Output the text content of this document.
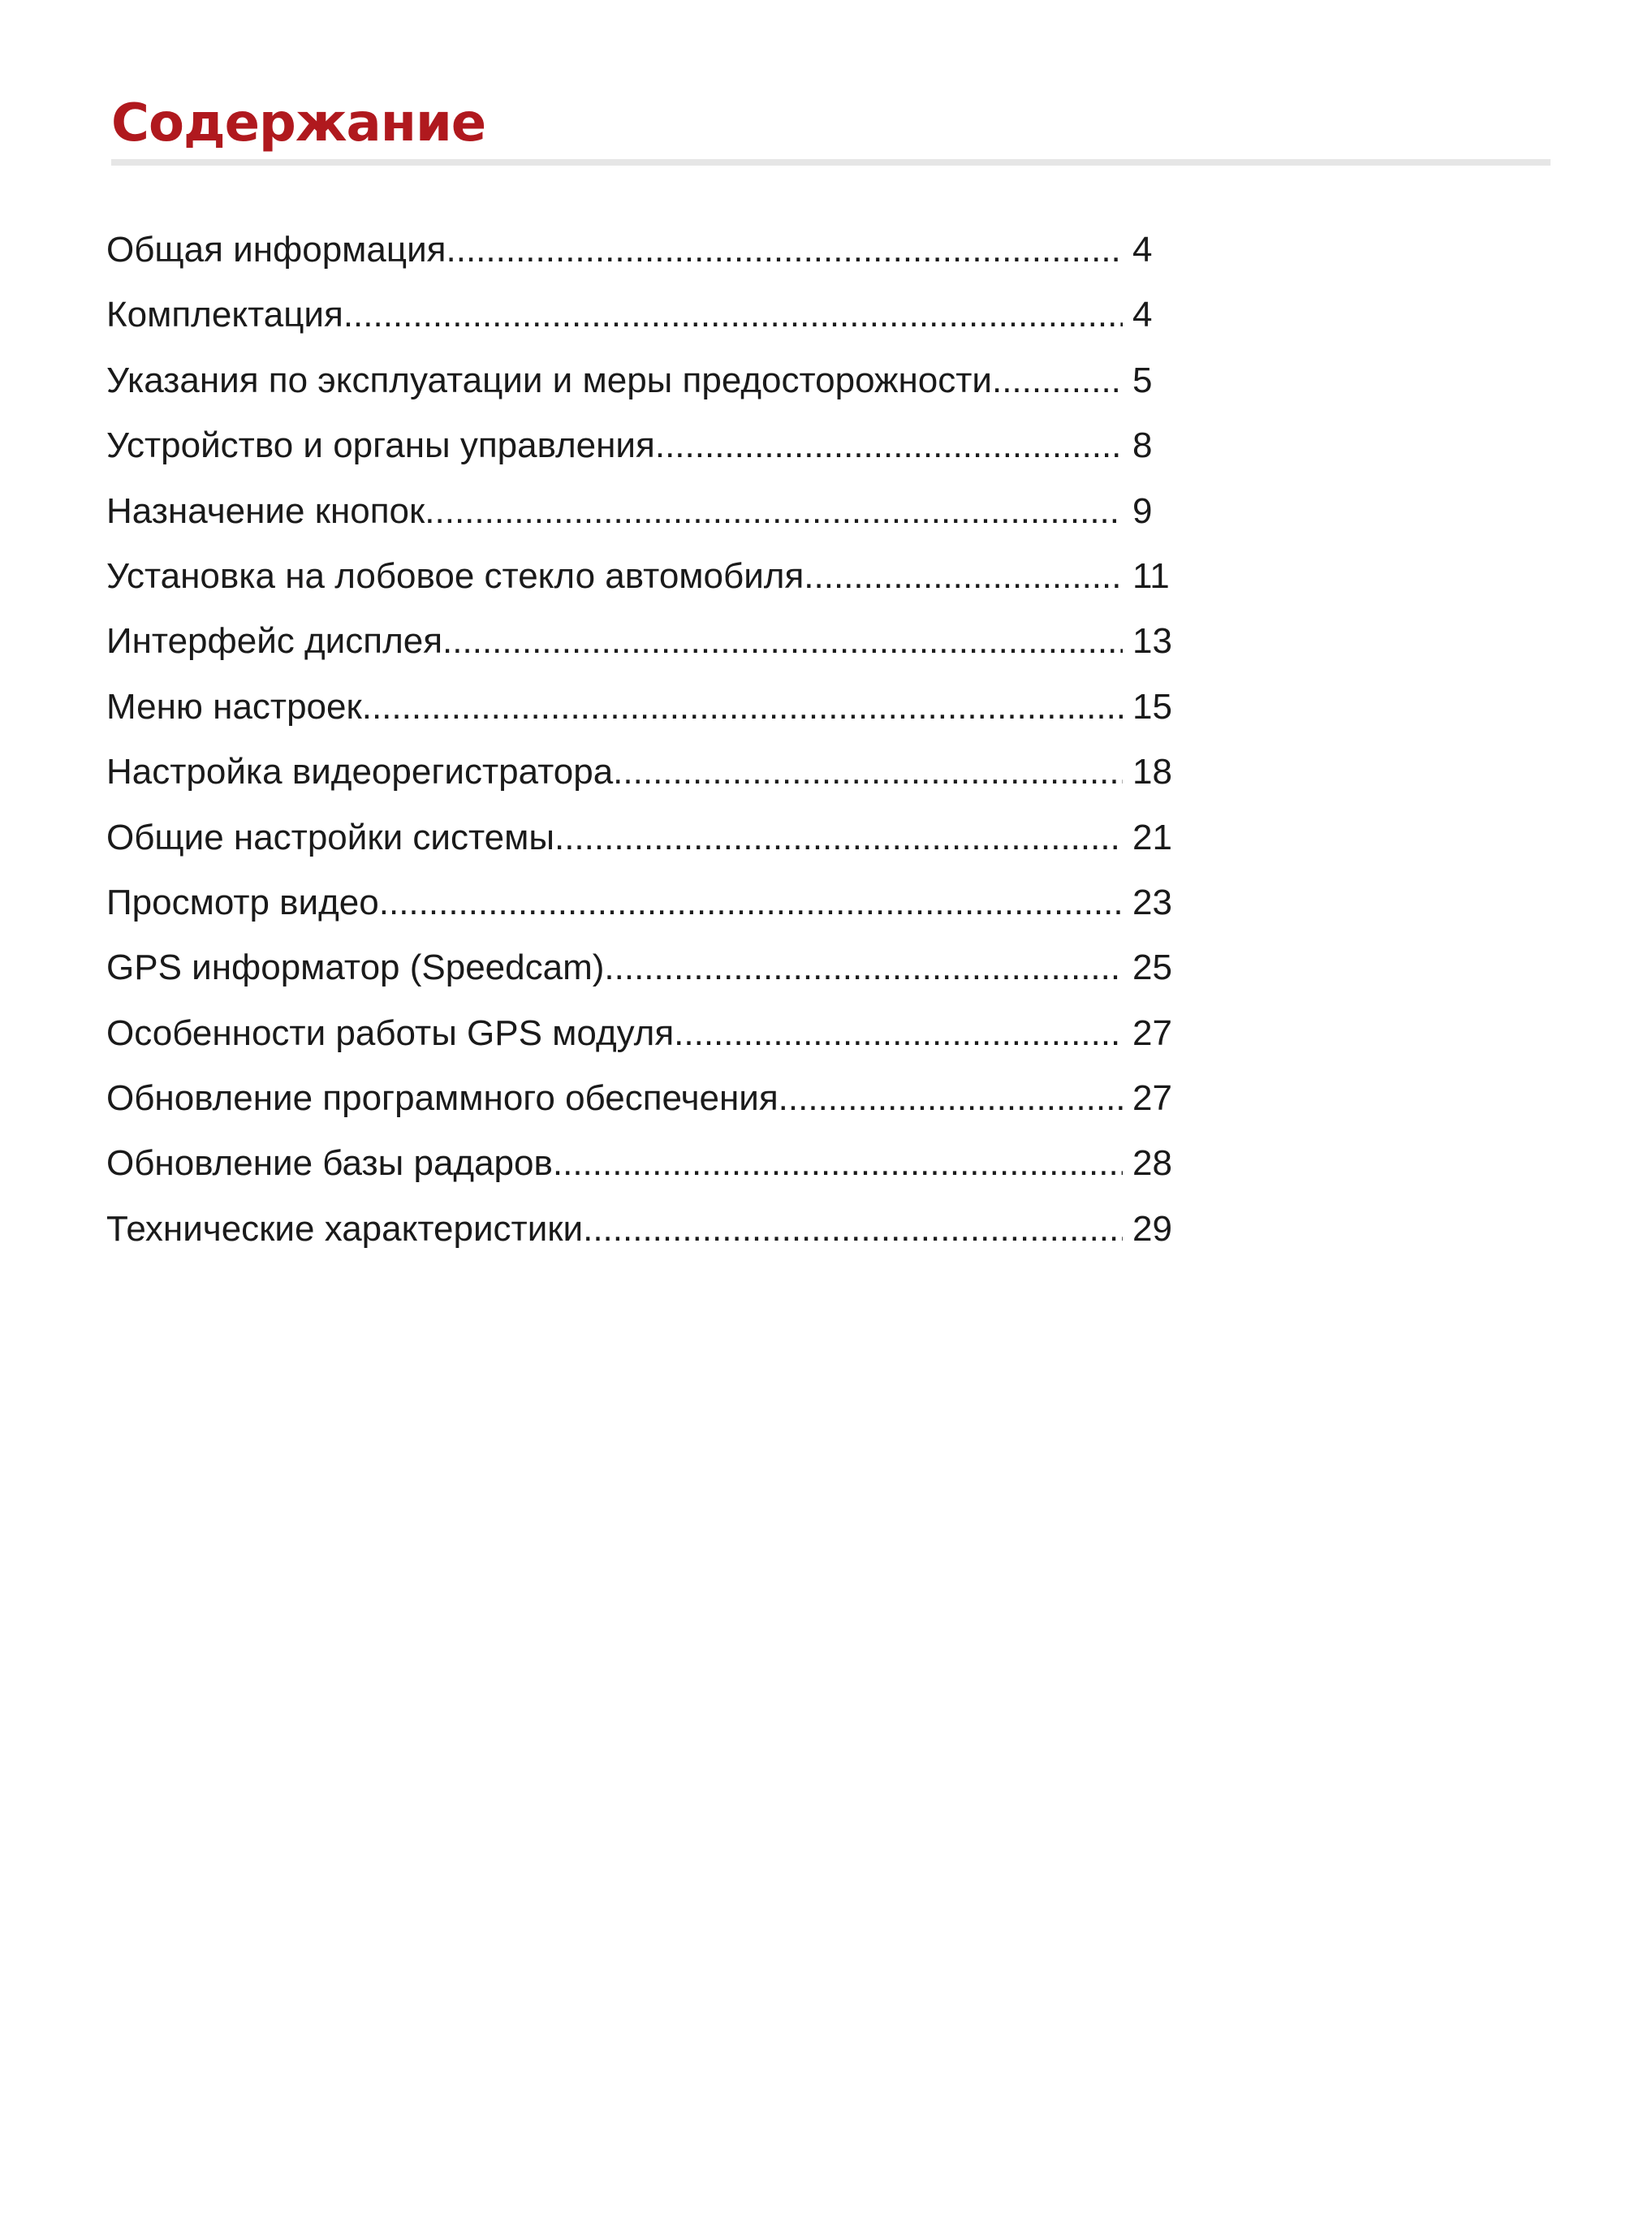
Содержание
Общая информация .....	4
Комплектация .....	4
Указания по эксплуатации и меры предосторожности .....	5
Устройство и органы управления .....	8
Назначение кнопок .....	9
Установка на лобовое стекло автомобиля .....	11
Интерфейс дисплея .....	13
Меню настроек .....	15
Настройка видеорегистратора .....	18
Общие настройки системы .....	21
Просмотр видео .....	23
GPS информатор (Speedcam) .....	25
Особенности работы GPS модуля .....	27
Обновление программного обеспечения .....	27
Обновление базы радаров .....	28
Технические характеристики .....	29
